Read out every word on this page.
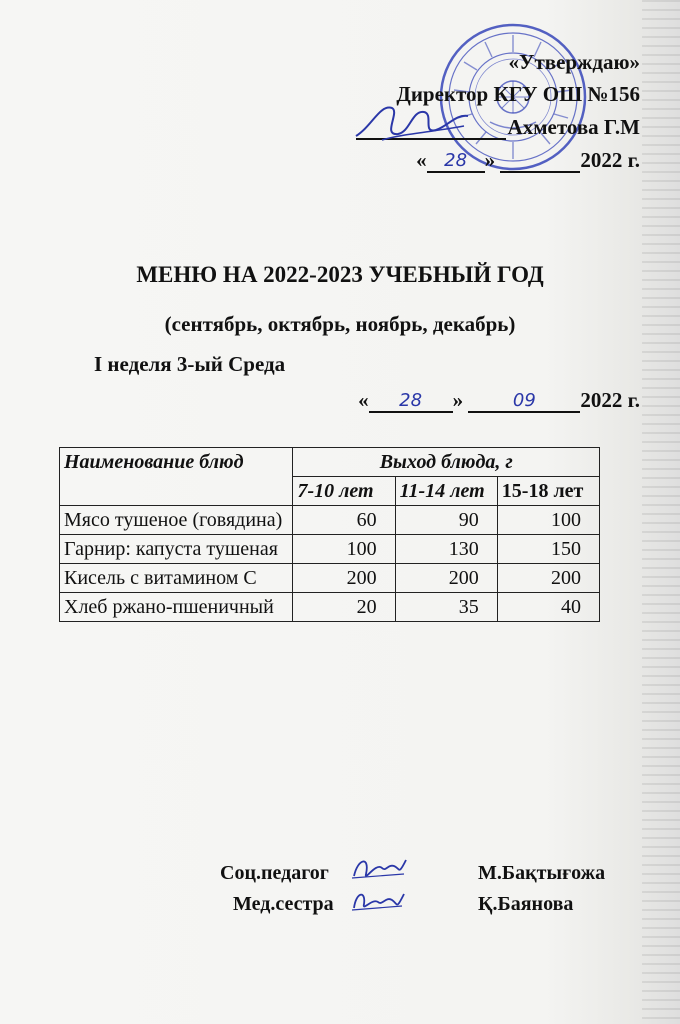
«Утверждаю»
Директор КГУ ОШ №156
Ахметова Г.М
« 28 »	2022 г.
МЕНЮ НА 2022-2023 УЧЕБНЫЙ ГОД
(сентябрь, октябрь, ноябрь, декабрь)
I неделя 3-ый Среда
«	28	»	09	2022 г.
Наименование блюд	Выход блюда, г		
	7-10 лет	11-14 лет	15-18 лет
Мясо тушеное (говядина)	60	90	100
Гарнир: капуста тушеная	100	130	150
Кисель с витамином С	200	200	200
Хлеб ржано-пшеничный	20	35	40
Соц.педагог	М.Бақтығожа
Мед.сестра	Қ.Баянова
